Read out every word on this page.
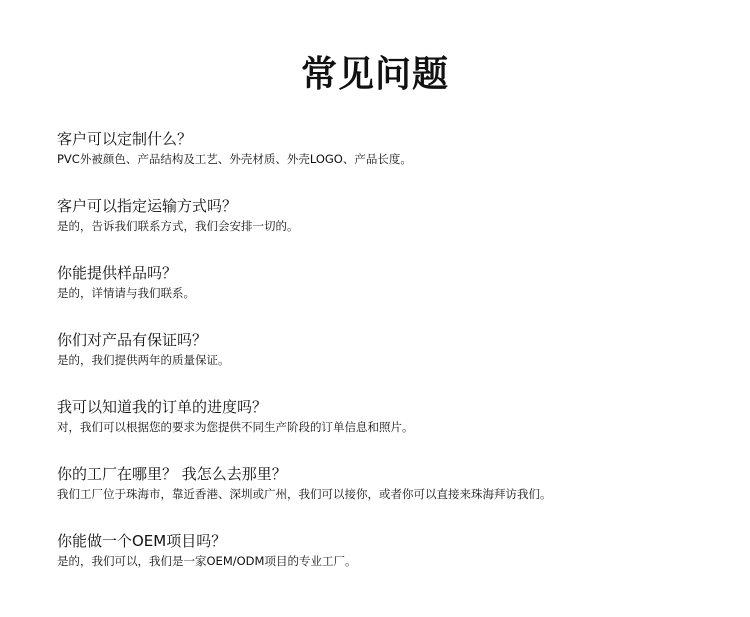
常见问题

客户可以定制什么？

PVC外被颜色、产品结构及工艺、外壳材质、外壳LOGO、产品长度。

客户可以指定运输方式吗？

是的，告诉我们联系方式，我们会安排一切的。

你能提供样品吗？

是的，详情请与我们联系。

你们对产品有保证吗？

是的，我们提供两年的质量保证。

我可以知道我的订单的进度吗？

对，我们可以根据您的要求为您提供不同生产阶段的订单信息和照片。

你的工厂在哪里？ 我怎么去那里？

我们工厂位于珠海市，靠近香港、深圳或广州，我们可以接你，或者你可以直接来珠海拜访我们。

你能做一个OEM项目吗？

是的，我们可以，我们是一家OEM/ODM项目的专业工厂。
